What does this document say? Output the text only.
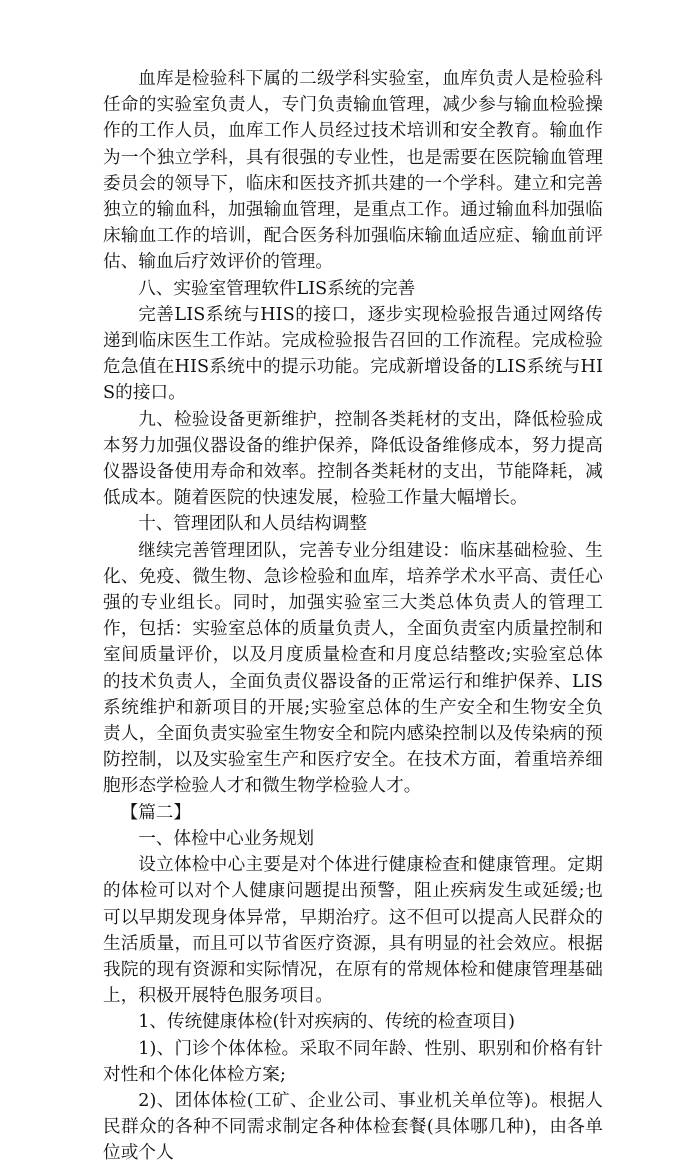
血库是检验科下属的二级学科实验室，血库负责人是检验科任命的实验室负责人，专门负责输血管理，减少参与输血检验操作的工作人员，血库工作人员经过技术培训和安全教育。输血作为一个独立学科，具有很强的专业性，也是需要在医院输血管理委员会的领导下，临床和医技齐抓共建的一个学科。建立和完善独立的输血科，加强输血管理，是重点工作。通过输血科加强临床输血工作的培训，配合医务科加强临床输血适应症、输血前评估、输血后疗效评价的管理。

八、实验室管理软件LIS系统的完善

完善LIS系统与HIS的接口，逐步实现检验报告通过网络传递到临床医生工作站。完成检验报告召回的工作流程。完成检验危急值在HIS系统中的提示功能。完成新增设备的LIS系统与HIS的接口。

九、检验设备更新维护，控制各类耗材的支出，降低检验成本努力加强仪器设备的维护保养，降低设备维修成本，努力提高仪器设备使用寿命和效率。控制各类耗材的支出，节能降耗，减低成本。随着医院的快速发展，检验工作量大幅增长。

十、管理团队和人员结构调整

继续完善管理团队，完善专业分组建设：临床基础检验、生化、免疫、微生物、急诊检验和血库，培养学术水平高、责任心强的专业组长。同时，加强实验室三大类总体负责人的管理工作，包括：实验室总体的质量负责人，全面负责室内质量控制和室间质量评价，以及月度质量检查和月度总结整改;实验室总体的技术负责人，全面负责仪器设备的正常运行和维护保养、LIS系统维护和新项目的开展;实验室总体的生产安全和生物安全负责人，全面负责实验室生物安全和院内感染控制以及传染病的预防控制，以及实验室生产和医疗安全。在技术方面，着重培养细胞形态学检验人才和微生物学检验人才。

【篇二】

一、体检中心业务规划

设立体检中心主要是对个体进行健康检查和健康管理。定期的体检可以对个人健康问题提出预警，阻止疾病发生或延缓;也可以早期发现身体异常，早期治疗。这不但可以提高人民群众的生活质量，而且可以节省医疗资源，具有明显的社会效应。根据我院的现有资源和实际情况，在原有的常规体检和健康管理基础上，积极开展特色服务项目。

1、传统健康体检(针对疾病的、传统的检查项目)

1)、门诊个体体检。采取不同年龄、性别、职别和价格有针对性和个体化体检方案;

2)、团体体检(工矿、企业公司、事业机关单位等)。根据人民群众的各种不同需求制定各种体检套餐(具体哪几种)，由各单位或个人
